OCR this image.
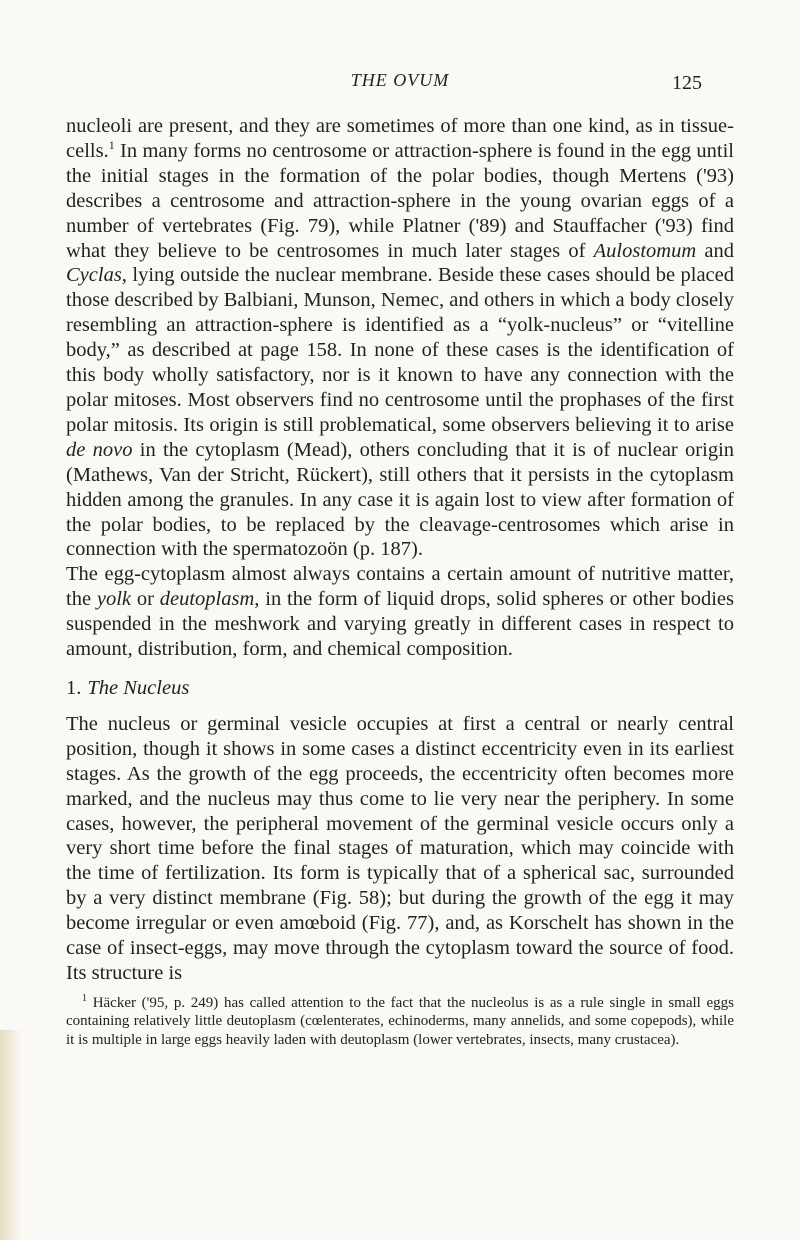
THE OVUM	125

nucleoli are present, and they are sometimes of more than one kind, as in tissue-cells.$^1$ In many forms no centrosome or attraction-sphere is found in the egg until the initial stages in the formation of the polar bodies, though Mertens ('93) describes a centrosome and attraction-sphere in the young ovarian eggs of a number of vertebrates (Fig. 79), while Platner ('89) and Stauffacher ('93) find what they believe to be centrosomes in much later stages of Aulostomum and Cyclas, lying outside the nuclear membrane. Beside these cases should be placed those described by Balbiani, Munson, Nemec, and others in which a body closely resembling an attraction-sphere is identified as a “yolk-nucleus” or “vitelline body,” as described at page 158. In none of these cases is the identification of this body wholly satisfactory, nor is it known to have any connection with the polar mitoses. Most observers find no centrosome until the prophases of the first polar mitosis. Its origin is still problematical, some observers believing it to arise de novo in the cytoplasm (Mead), others concluding that it is of nuclear origin (Mathews, Van der Stricht, Rückert), still others that it persists in the cytoplasm hidden among the granules. In any case it is again lost to view after formation of the polar bodies, to be replaced by the cleavage-centrosomes which arise in connection with the spermatozoön (p. 187).

The egg-cytoplasm almost always contains a certain amount of nutritive matter, the yolk or deutoplasm, in the form of liquid drops, solid spheres or other bodies suspended in the meshwork and varying greatly in different cases in respect to amount, distribution, form, and chemical composition.

1. The Nucleus

The nucleus or germinal vesicle occupies at first a central or nearly central position, though it shows in some cases a distinct eccentricity even in its earliest stages. As the growth of the egg proceeds, the eccentricity often becomes more marked, and the nucleus may thus come to lie very near the periphery. In some cases, however, the peripheral movement of the germinal vesicle occurs only a very short time before the final stages of maturation, which may coincide with the time of fertilization. Its form is typically that of a spherical sac, surrounded by a very distinct membrane (Fig. 58); but during the growth of the egg it may become irregular or even amœboid (Fig. 77), and, as Korschelt has shown in the case of insect-eggs, may move through the cytoplasm toward the source of food. Its structure is

$^1$ Häcker ('95, p. 249) has called attention to the fact that the nucleolus is as a rule single in small eggs containing relatively little deutoplasm (cœlenterates, echinoderms, many annelids, and some copepods), while it is multiple in large eggs heavily laden with deutoplasm (lower vertebrates, insects, many crustacea).
